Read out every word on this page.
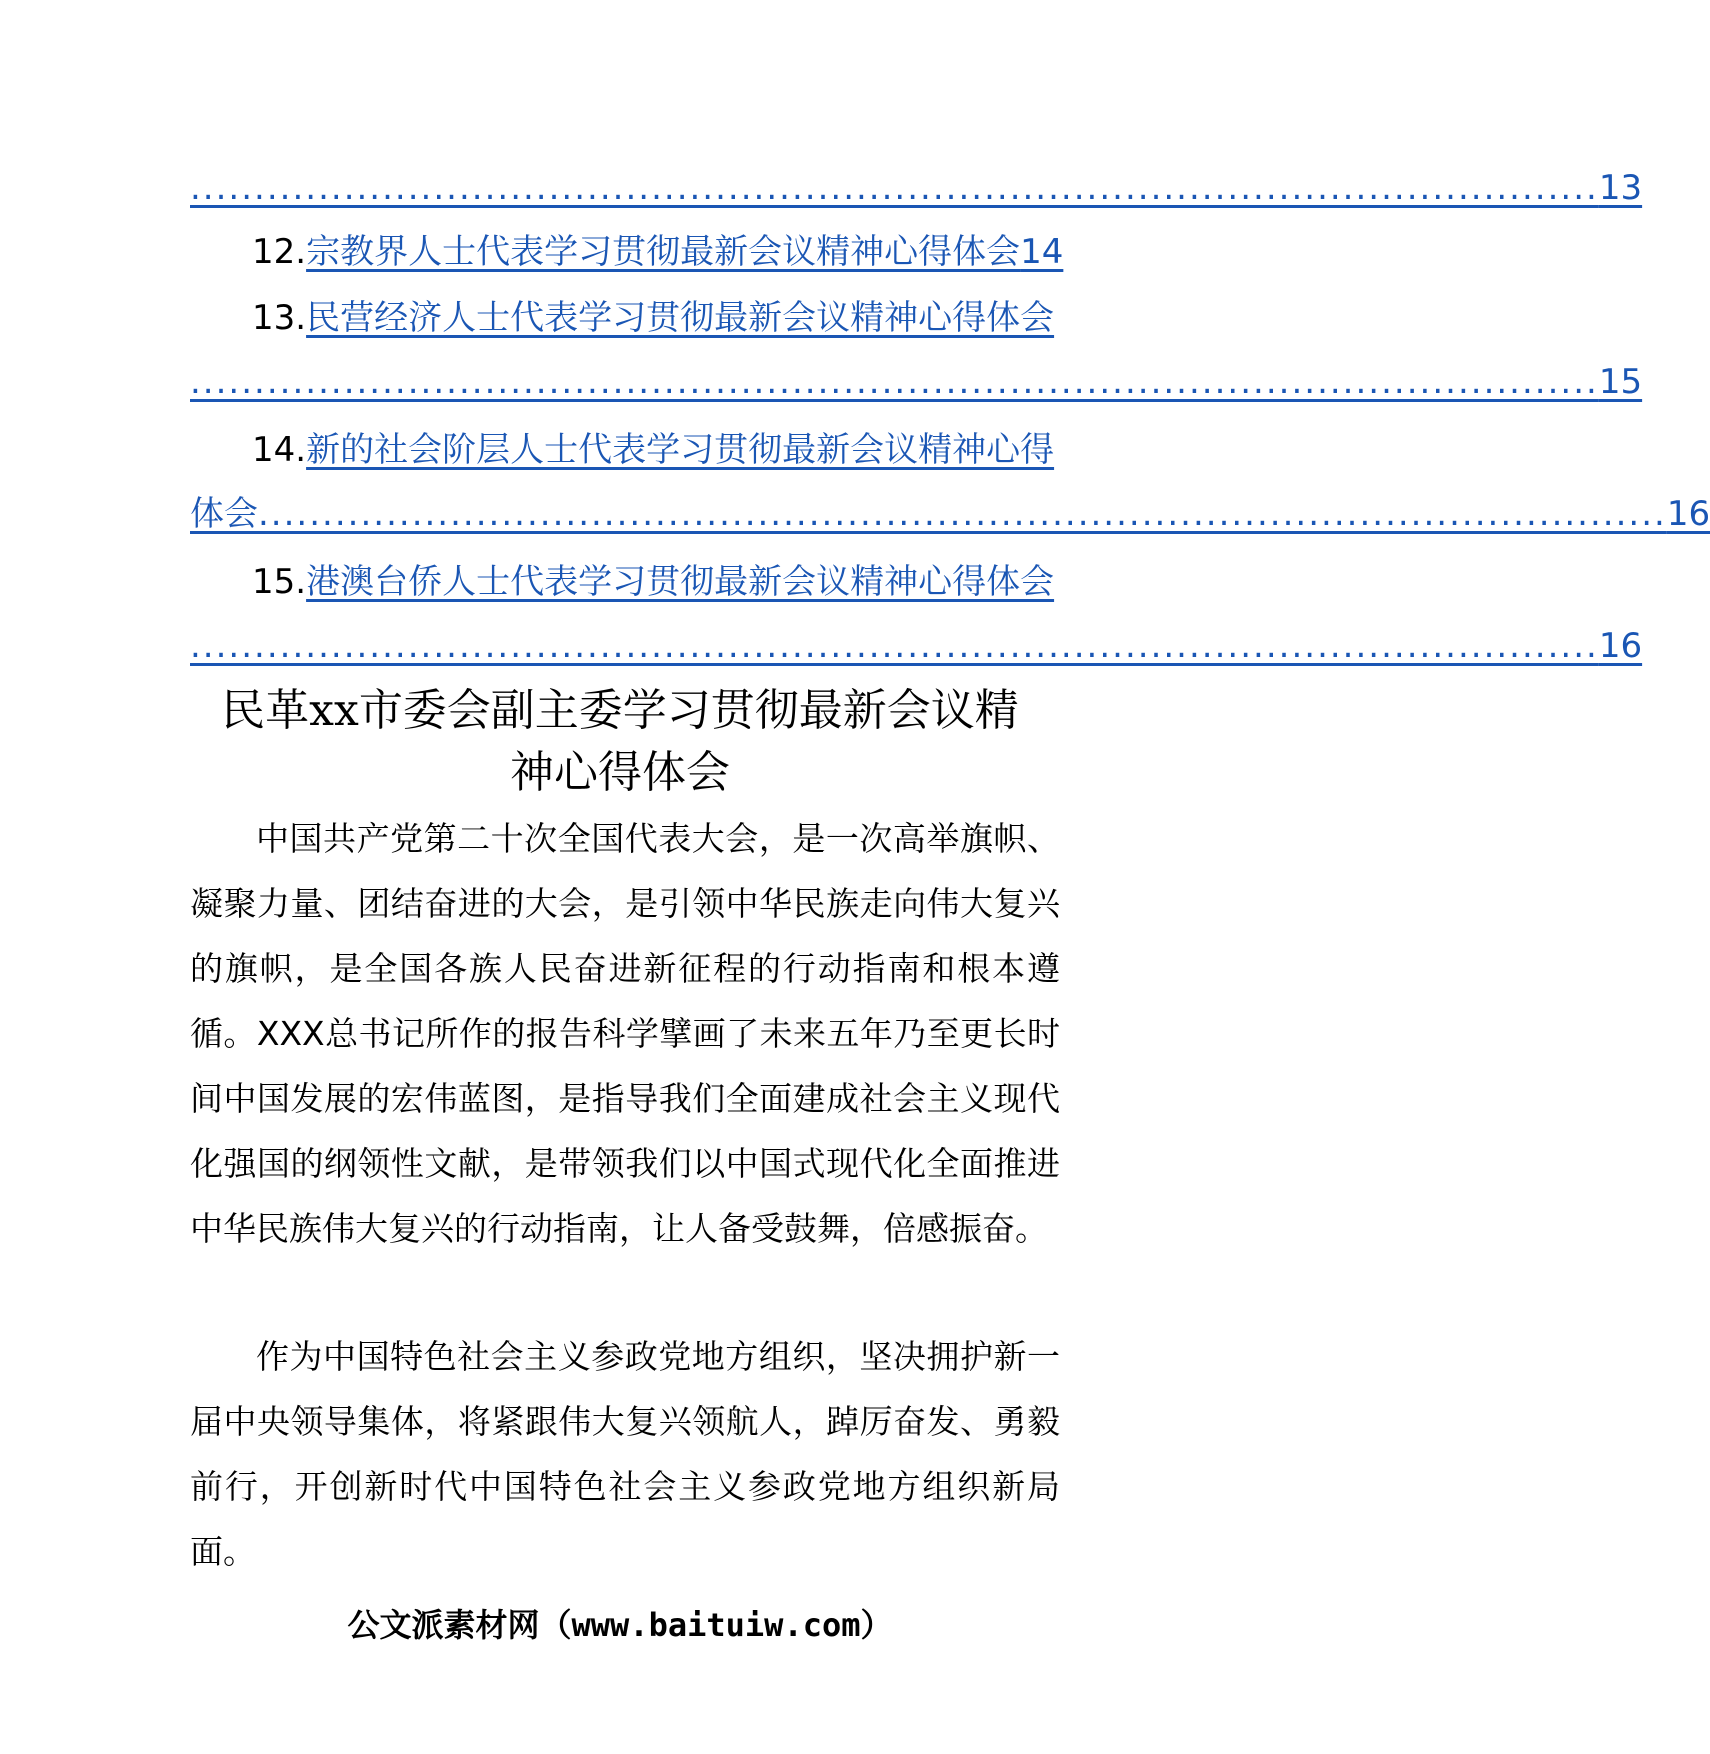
.............................................................................................................. 13
12.宗教界人士代表学习贯彻最新会议精神心得体会14
13.民营经济人士代表学习贯彻最新会议精神心得体会
.............................................................................................................. 15
14.新的社会阶层人士代表学习贯彻最新会议精神心得
体会 .............................................................................................................. 16
15.港澳台侨人士代表学习贯彻最新会议精神心得体会
.............................................................................................................. 16
民革xx市委会副主委学习贯彻最新会议精
神心得体会

中国共产党第二十次全国代表大会，是一次高举旗帜、凝聚力量、团结奋进的大会，是引领中华民族走向伟大复兴的旗帜，是全国各族人民奋进新征程的行动指南和根本遵循。XXX总书记所作的报告科学擘画了未来五年乃至更长时间中国发展的宏伟蓝图，是指导我们全面建成社会主义现代化强国的纲领性文献，是带领我们以中国式现代化全面推进中华民族伟大复兴的行动指南，让人备受鼓舞，倍感振奋。

作为中国特色社会主义参政党地方组织，坚决拥护新一届中央领导集体，将紧跟伟大复兴领航人，踔厉奋发、勇毅前行，开创新时代中国特色社会主义参政党地方组织新局面。

公文派素材网（www.baituiw.com）
